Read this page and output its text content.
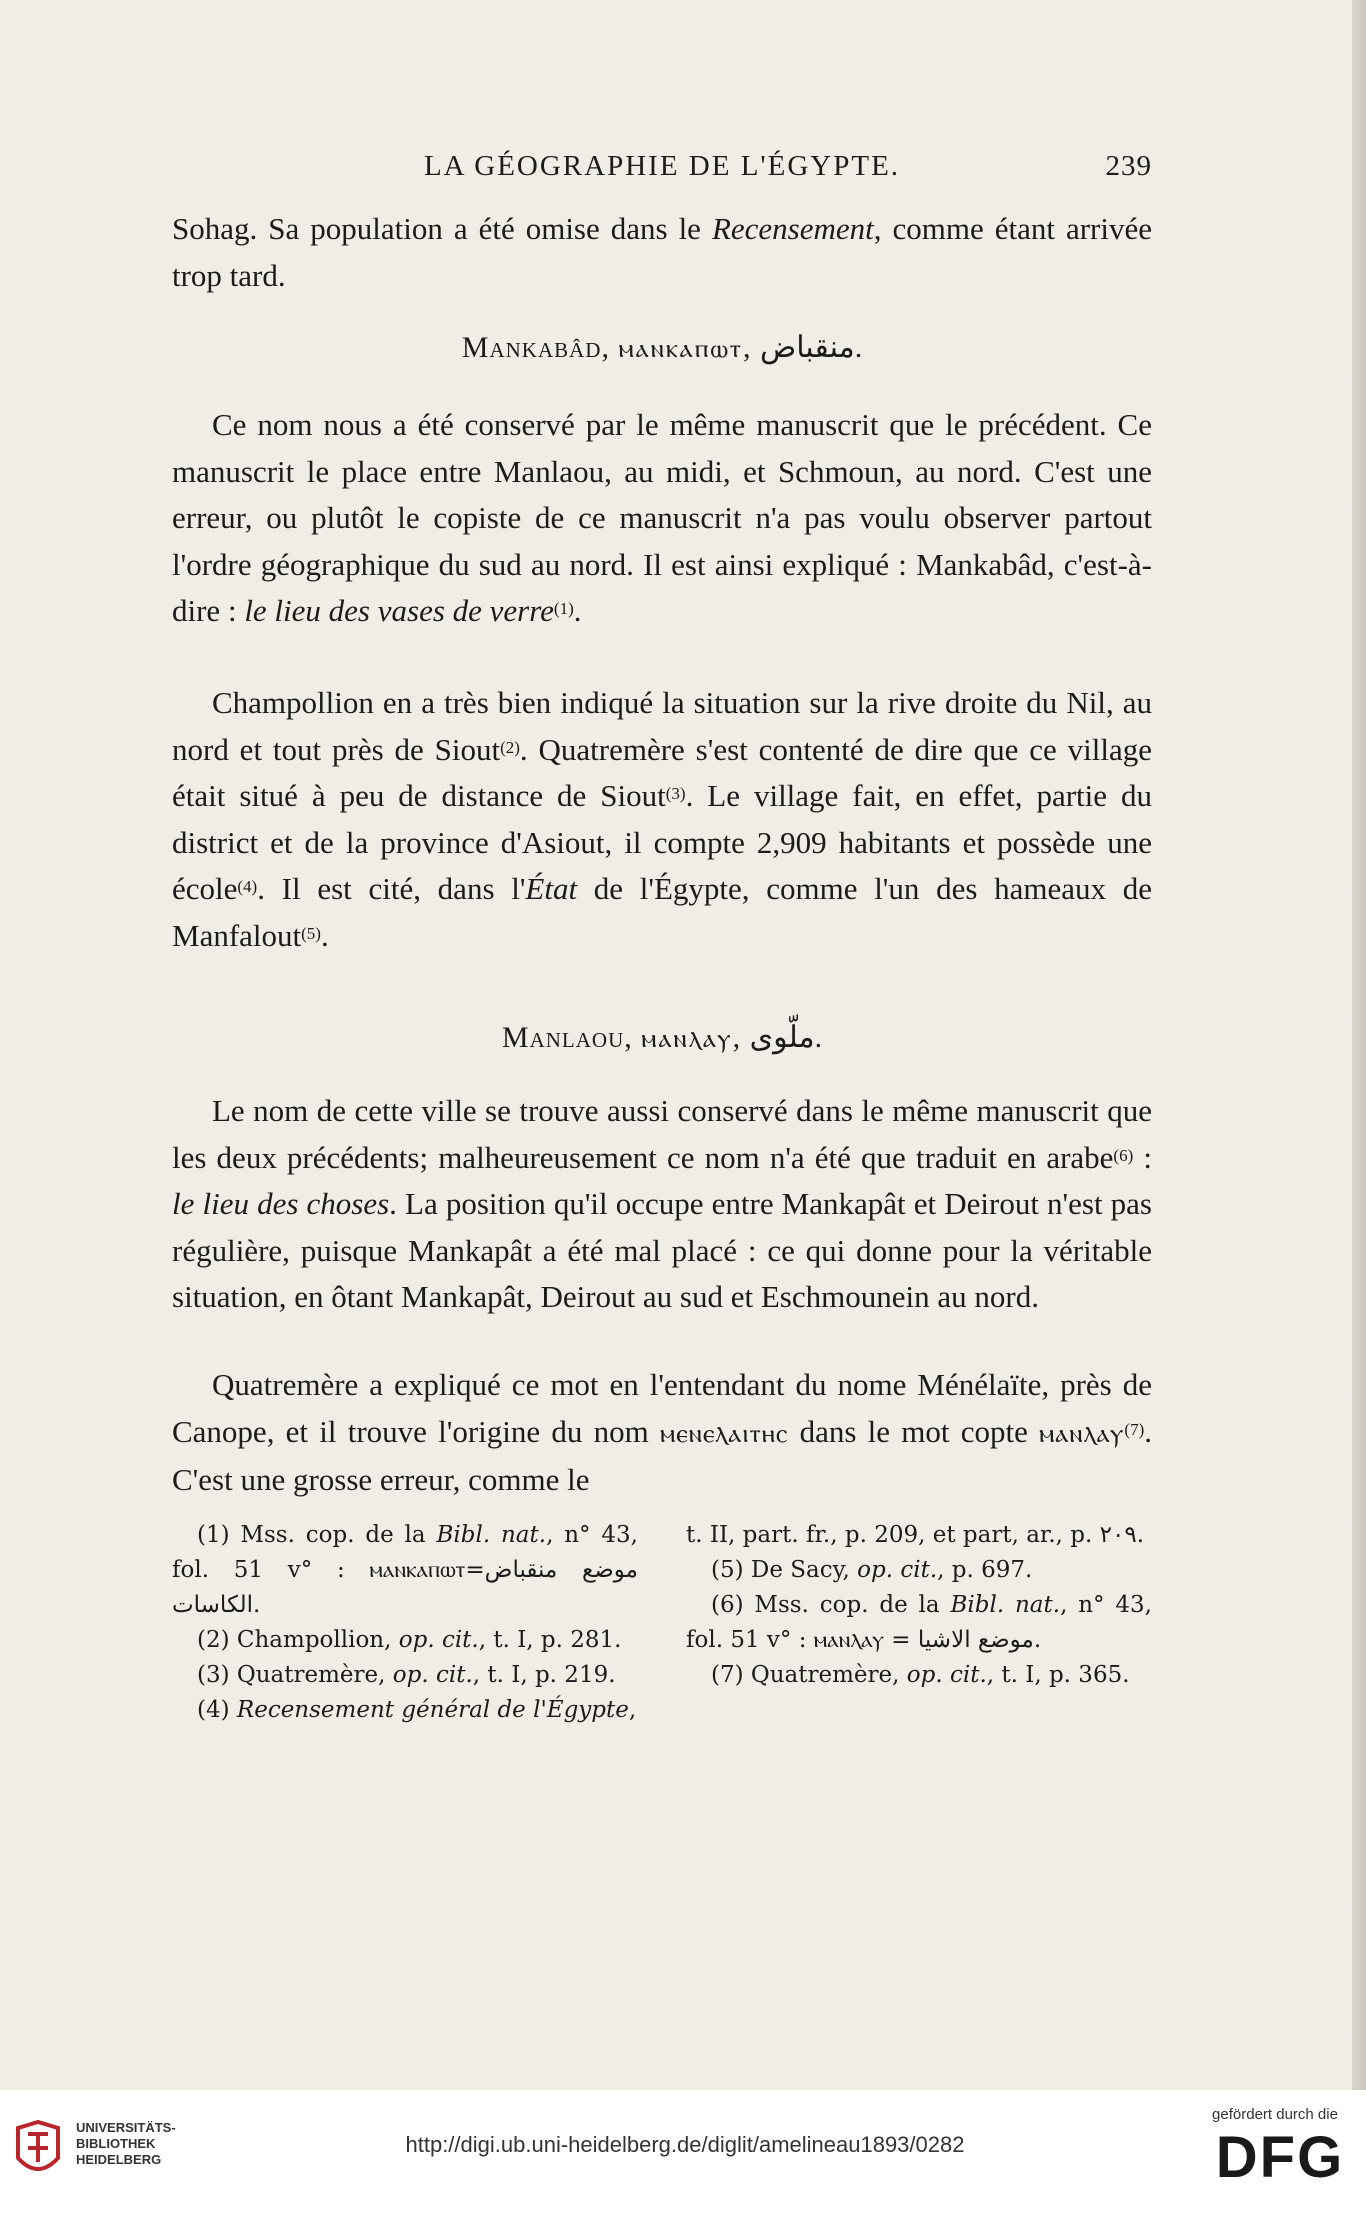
LA GÉOGRAPHIE DE L'ÉGYPTE.	239

Sohag. Sa population a été omise dans le Recensement, comme étant arrivée trop tard.

Mankabâd, ⲙⲁⲛⲕⲁⲡⲱⲧ, منقباض.

Ce nom nous a été conservé par le même manuscrit que le précédent. Ce manuscrit le place entre Manlaou, au midi, et Schmoun, au nord. C'est une erreur, ou plutôt le copiste de ce manuscrit n'a pas voulu observer partout l'ordre géographique du sud au nord. Il est ainsi expliqué : Mankabâd, c'est-à-dire : le lieu des vases de verre$^{(1)}$.

Champollion en a très bien indiqué la situation sur la rive droite du Nil, au nord et tout près de Siout$^{(2)}$. Quatremère s'est contenté de dire que ce village était situé à peu de distance de Siout$^{(3)}$. Le village fait, en effet, partie du district et de la province d'Asiout, il compte 2,909 habitants et possède une école$^{(4)}$. Il est cité, dans l'État de l'Égypte, comme l'un des hameaux de Manfalout$^{(5)}$.

Manlaou, ⲙⲁⲛⲗⲁⲩ, ملّوى.

Le nom de cette ville se trouve aussi conservé dans le même manuscrit que les deux précédents; malheureusement ce nom n'a été que traduit en arabe$^{(6)}$ : le lieu des choses. La position qu'il occupe entre Mankapât et Deirout n'est pas régulière, puisque Mankapât a été mal placé : ce qui donne pour la véritable situation, en ôtant Mankapât, Deirout au sud et Eschmounein au nord.

Quatremère a expliqué ce mot en l'entendant du nome Ménélaïte, près de Canope, et il trouve l'origine du nom ⲙⲉⲛⲉⲗⲁⲓⲧⲏⲥ dans le mot copte ⲙⲁⲛⲗⲁⲩ$^{(7)}$. C'est une grosse erreur, comme le

(1) Mss. cop. de la Bibl. nat., n° 43, fol. 51 v° : ⲙⲁⲛⲕⲁⲡⲱⲧ=موضع منقباض الكاسات.

(2) Champollion, op. cit., t. I, p. 281.

(3) Quatremère, op. cit., t. I, p. 219.

(4) Recensement général de l'Égypte,

t. II, part. fr., p. 209, et part, ar., p. ٢٠٩.

(5) De Sacy, op. cit., p. 697.

(6) Mss. cop. de la Bibl. nat., n° 43, fol. 51 v° : ⲙⲁⲛⲗⲁⲩ = موضع الاشيا.

(7) Quatremère, op. cit., t. I, p. 365.

UNIVERSITÄTS-
BIBLIOTHEK
HEIDELBERG
http://digi.ub.uni-heidelberg.de/diglit/amelineau1893/0282
gefördert durch die
DFG
